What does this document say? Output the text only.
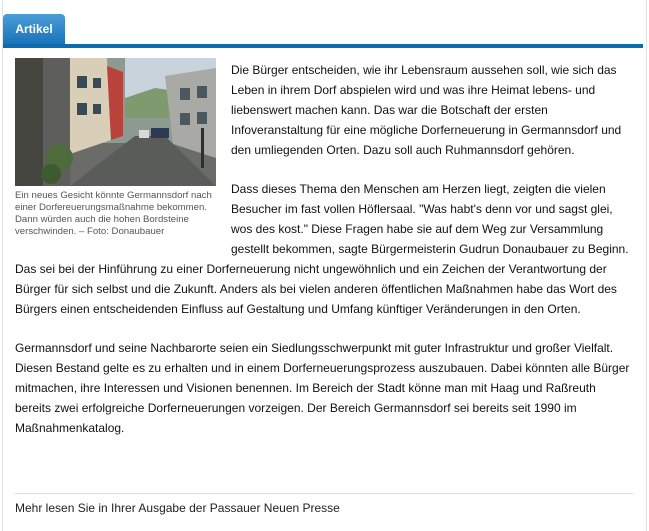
Artikel
Ein neues Gesicht könnte Germannsdorf nach einer Dorfereuerungsmaßnahme bekommen. Dann würden auch die hohen Bordsteine verschwinden. – Foto: Donaubauer

Die Bürger entscheiden, wie ihr Lebensraum aussehen soll, wie sich das Leben in ihrem Dorf abspielen wird und was ihre Heimat lebens- und liebenswert machen kann. Das war die Botschaft der ersten Infoveranstaltung für eine mögliche Dorferneuerung in Germannsdorf und den umliegenden Orten. Dazu soll auch Ruhmannsdorf gehören.

Dass dieses Thema den Menschen am Herzen liegt, zeigten die vielen Besucher im fast vollen Höflersaal. "Was habt's denn vor und sagst glei, wos des kost." Diese Fragen habe sie auf dem Weg zur Versammlung gestellt bekommen, sagte Bürgermeisterin Gudrun Donaubauer zu Beginn. Das sei bei der Hinführung zu einer Dorferneuerung nicht ungewöhnlich und ein Zeichen der Verantwortung der Bürger für sich selbst und die Zukunft. Anders als bei vielen anderen öffentlichen Maßnahmen habe das Wort des Bürgers einen entscheidenden Einfluss auf Gestaltung und Umfang künftiger Veränderungen in den Orten.

Germannsdorf und seine Nachbarorte seien ein Siedlungsschwerpunkt mit guter Infrastruktur und großer Vielfalt. Diesen Bestand gelte es zu erhalten und in einem Dorferneuerungsprozess auszubauen. Dabei könnten alle Bürger mitmachen, ihre Interessen und Visionen benennen. Im Bereich der Stadt könne man mit Haag und Raßreuth bereits zwei erfolgreiche Dorferneuerungen vorzeigen. Der Bereich Germannsdorf sei bereits seit 1990 im Maßnahmenkatalog.

Mehr lesen Sie in Ihrer Ausgabe der Passauer Neuen Presse
